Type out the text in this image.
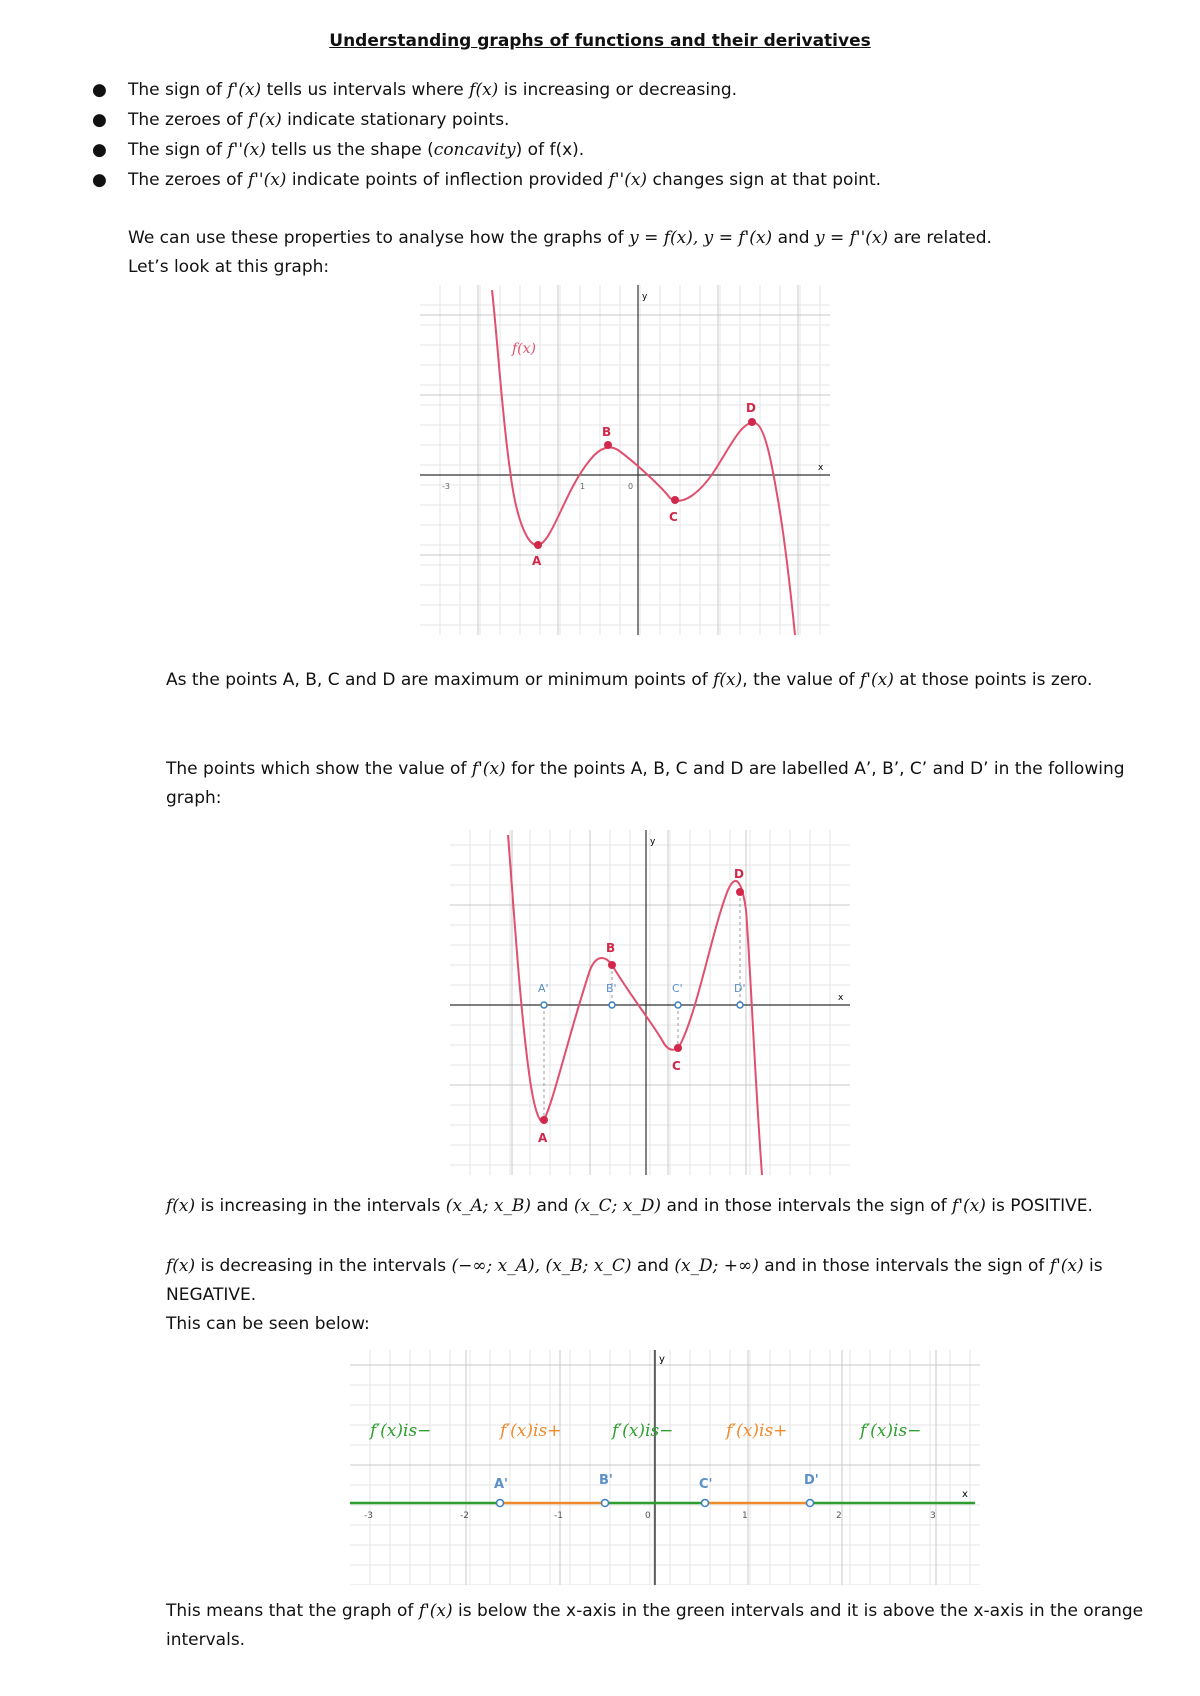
Understanding graphs of functions and their derivatives
● The sign of f'(x) tells us intervals where f(x) is increasing or decreasing.
● The zeroes of f'(x) indicate stationary points.
● The sign of f''(x) tells us the shape (concavity) of f(x).
● The zeroes of f''(x) indicate points of inflection provided f''(x) changes sign at that point.
We can use these properties to analyse how the graphs of y = f(x), y = f'(x) and y = f''(x) are related.
Let’s look at this graph:
x
y
-3	1	0
f(x)
A
B
C
D
As the points A, B, C and D are maximum or minimum points of f(x), the value of f'(x) at those points is zero.
The points which show the value of f'(x) for the points A, B, C and D are labelled A’, B’, C’ and D’ in the following graph:
x
y
A
B
C
D
A'	B'	C'	D'
f(x) is increasing in the intervals (x_A; x_B) and (x_C; x_D) and in those intervals the sign of f'(x) is POSITIVE.
f(x) is decreasing in the intervals (−∞; x_A), (x_B; x_C) and (x_D; +∞) and in those intervals the sign of f'(x) is NEGATIVE.
This can be seen below:
x
y
-3	-2	-1	0	1	2	3
A'	B'	C'	D'
f′(x)is−	f′(x)is+	f′(x)is−	f′(x)is+	f′(x)is−
This means that the graph of f'(x) is below the x-axis in the green intervals and it is above the x-axis in the orange intervals.
